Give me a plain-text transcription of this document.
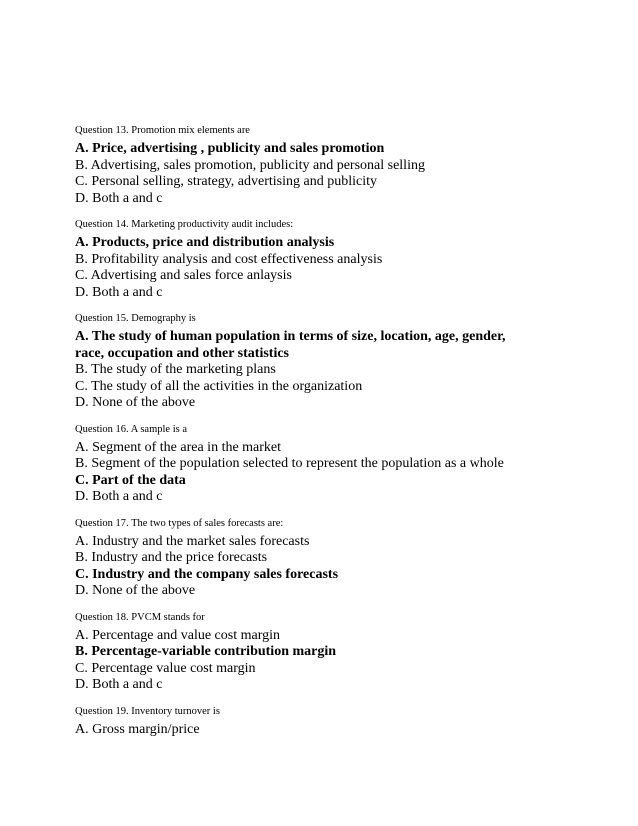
Question 13. Promotion mix elements are
A. Price, advertising , publicity and sales promotion
B. Advertising, sales promotion, publicity and personal selling
C. Personal selling, strategy, advertising and publicity
D. Both a and c
Question 14. Marketing productivity audit includes:
A. Products, price and distribution analysis
B. Profitability analysis and cost effectiveness analysis
C. Advertising and sales force anlaysis
D. Both a and c
Question 15. Demography is
A. The study of human population in terms of size, location, age, gender, race, occupation and other statistics
B. The study of the marketing plans
C. The study of all the activities in the organization
D. None of the above
Question 16. A sample is a
A. Segment of the area in the market
B. Segment of the population selected to represent the population as a whole
C. Part of the data
D. Both a and c
Question 17. The two types of sales forecasts are:
A. Industry and the market sales forecasts
B. Industry and the price forecasts
C. Industry and the company sales forecasts
D. None of the above
Question 18. PVCM stands for
A. Percentage and value cost margin
B. Percentage-variable contribution margin
C. Percentage value cost margin
D. Both a and c
Question 19. Inventory turnover is
A. Gross margin/price
